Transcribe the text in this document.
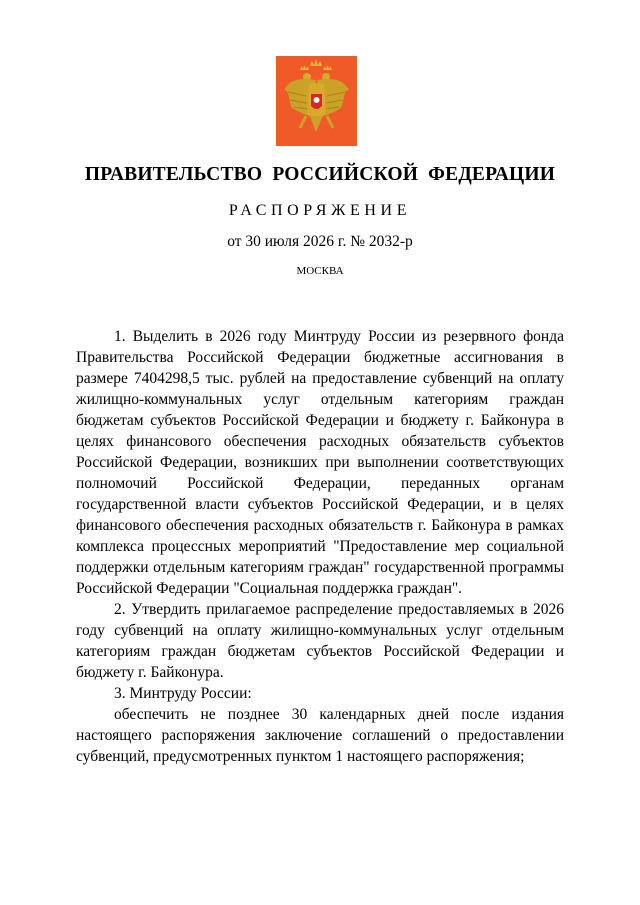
ПРАВИТЕЛЬСТВО РОССИЙСКОЙ ФЕДЕРАЦИИ
РАСПОРЯЖЕНИЕ
от 30 июля 2026 г. № 2032-р
МОСКВА

1. Выделить в 2026 году Минтруду России из резервного фонда Правительства Российской Федерации бюджетные ассигнования в размере 7404298,5 тыс. рублей на предоставление субвенций на оплату жилищно-коммунальных услуг отдельным категориям граждан бюджетам субъектов Российской Федерации и бюджету г. Байконура в целях финансового обеспечения расходных обязательств субъектов Российской Федерации, возникших при выполнении соответствующих полномочий Российской Федерации, переданных органам государственной власти субъектов Российской Федерации, и в целях финансового обеспечения расходных обязательств г. Байконура в рамках комплекса процессных мероприятий "Предоставление мер социальной поддержки отдельным категориям граждан" государственной программы Российской Федерации "Социальная поддержка граждан".

2. Утвердить прилагаемое распределение предоставляемых в 2026 году субвенций на оплату жилищно-коммунальных услуг отдельным категориям граждан бюджетам субъектов Российской Федерации и бюджету г. Байконура.

3. Минтруду России:

обеспечить не позднее 30 календарных дней после издания настоящего распоряжения заключение соглашений о предоставлении субвенций, предусмотренных пунктом 1 настоящего распоряжения;
